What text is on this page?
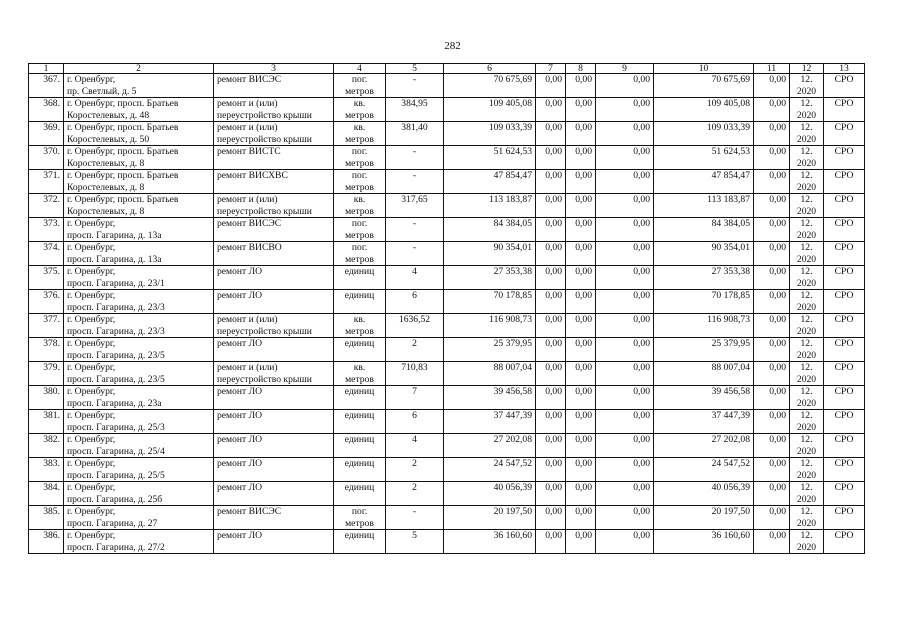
282
1	2	3	4	5	6	7	8	9	10	11	12	13
367.	г. Оренбург,
пр. Светлый, д. 5	ремонт ВИСЭС	пог.
метров	-	70 675,69	0,00	0,00	0,00	70 675,69	0,00	12.
2020	СРО
368.	г. Оренбург, просп. Братьев
Коростелевых, д. 48	ремонт и (или)
переустройство крыши	кв.
метров	384,95	109 405,08	0,00	0,00	0,00	109 405,08	0,00	12.
2020	СРО
369.	г. Оренбург, просп. Братьев
Коростелевых, д. 50	ремонт и (или)
переустройство крыши	кв.
метров	381,40	109 033,39	0,00	0,00	0,00	109 033,39	0,00	12.
2020	СРО
370.	г. Оренбург, просп. Братьев
Коростелевых, д. 8	ремонт ВИСТС	пог.
метров	-	51 624,53	0,00	0,00	0,00	51 624,53	0,00	12.
2020	СРО
371.	г. Оренбург, просп. Братьев
Коростелевых, д. 8	ремонт ВИСХВС	пог.
метров	-	47 854,47	0,00	0,00	0,00	47 854,47	0,00	12.
2020	СРО
372.	г. Оренбург, просп. Братьев
Коростелевых, д. 8	ремонт и (или)
переустройство крыши	кв.
метров	317,65	113 183,87	0,00	0,00	0,00	113 183,87	0,00	12.
2020	СРО
373.	г. Оренбург,
просп. Гагарина, д. 13а	ремонт ВИСЭС	пог.
метров	-	84 384,05	0,00	0,00	0,00	84 384,05	0,00	12.
2020	СРО
374.	г. Оренбург,
просп. Гагарина, д. 13а	ремонт ВИСВО	пог.
метров	-	90 354,01	0,00	0,00	0,00	90 354,01	0,00	12.
2020	СРО
375.	г. Оренбург,
просп. Гагарина, д. 23/1	ремонт ЛО	единиц	4	27 353,38	0,00	0,00	0,00	27 353,38	0,00	12.
2020	СРО
376.	г. Оренбург,
просп. Гагарина, д. 23/3	ремонт ЛО	единиц	6	70 178,85	0,00	0,00	0,00	70 178,85	0,00	12.
2020	СРО
377.	г. Оренбург,
просп. Гагарина, д. 23/3	ремонт и (или)
переустройство крыши	кв.
метров	1636,52	116 908,73	0,00	0,00	0,00	116 908,73	0,00	12.
2020	СРО
378.	г. Оренбург,
просп. Гагарина, д. 23/5	ремонт ЛО	единиц	2	25 379,95	0,00	0,00	0,00	25 379,95	0,00	12.
2020	СРО
379.	г. Оренбург,
просп. Гагарина, д. 23/5	ремонт и (или)
переустройство крыши	кв.
метров	710,83	88 007,04	0,00	0,00	0,00	88 007,04	0,00	12.
2020	СРО
380.	г. Оренбург,
просп. Гагарина, д. 23а	ремонт ЛО	единиц	7	39 456,58	0,00	0,00	0,00	39 456,58	0,00	12.
2020	СРО
381.	г. Оренбург,
просп. Гагарина, д. 25/3	ремонт ЛО	единиц	6	37 447,39	0,00	0,00	0,00	37 447,39	0,00	12.
2020	СРО
382.	г. Оренбург,
просп. Гагарина, д. 25/4	ремонт ЛО	единиц	4	27 202,08	0,00	0,00	0,00	27 202,08	0,00	12.
2020	СРО
383.	г. Оренбург,
просп. Гагарина, д. 25/5	ремонт ЛО	единиц	2	24 547,52	0,00	0,00	0,00	24 547,52	0,00	12.
2020	СРО
384.	г. Оренбург,
просп. Гагарина, д. 25б	ремонт ЛО	единиц	2	40 056,39	0,00	0,00	0,00	40 056,39	0,00	12.
2020	СРО
385.	г. Оренбург,
просп. Гагарина, д. 27	ремонт ВИСЭС	пог.
метров	-	20 197,50	0,00	0,00	0,00	20 197,50	0,00	12.
2020	СРО
386.	г. Оренбург,
просп. Гагарина, д. 27/2	ремонт ЛО	единиц	5	36 160,60	0,00	0,00	0,00	36 160,60	0,00	12.
2020	СРО
